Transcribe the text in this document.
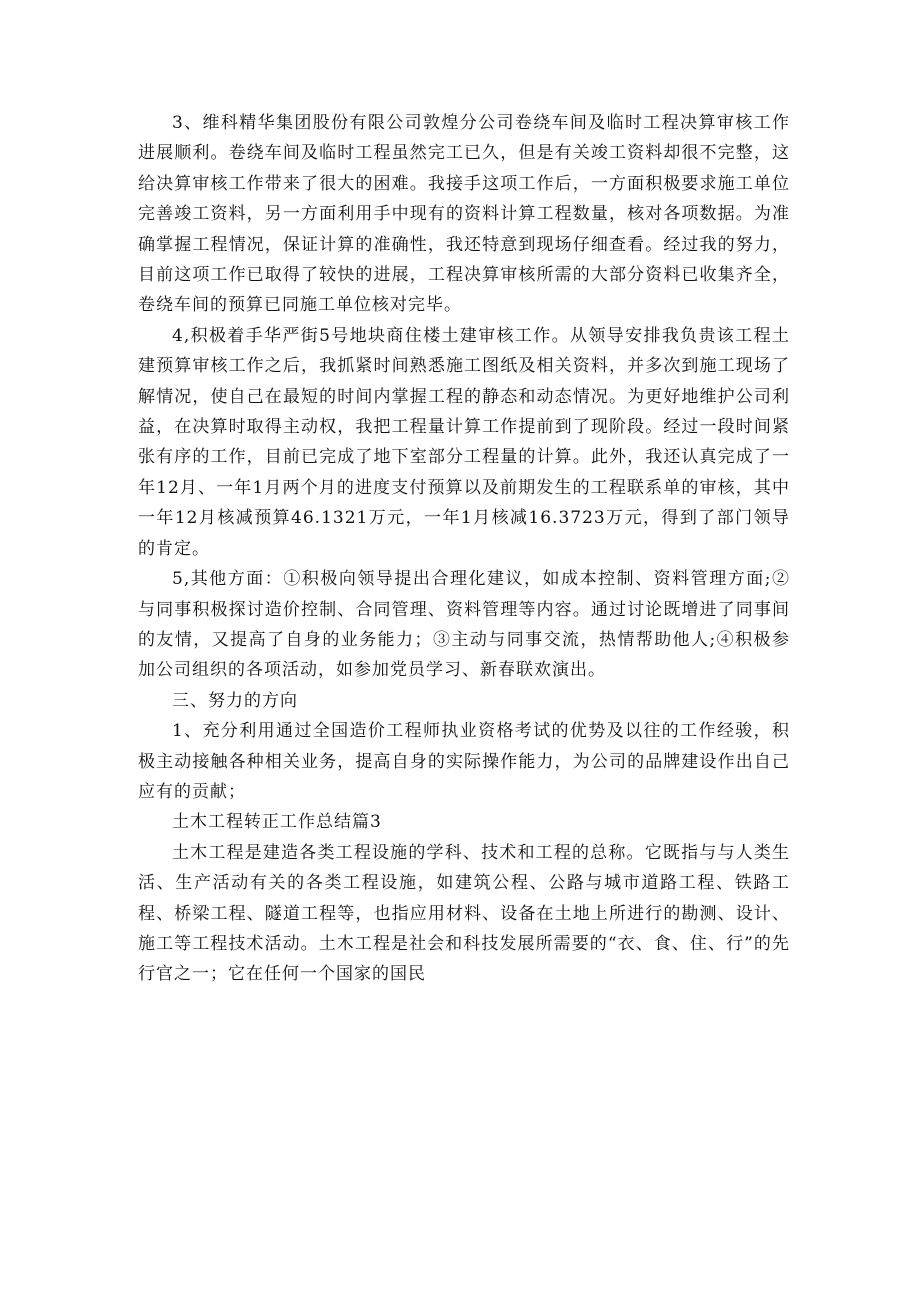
3、维科精华集团股份有限公司敦煌分公司卷绕车间及临时工程决算审核工作进展顺利。卷绕车间及临时工程虽然完工已久，但是有关竣工资料却很不完整，这给决算审核工作带来了很大的困难。我接手这项工作后，一方面积极要求施工单位完善竣工资料，另一方面利用手中现有的资料计算工程数量，核对各项数据。为准确掌握工程情况，保证计算的准确性，我还特意到现场仔细查看。经过我的努力，目前这项工作已取得了较快的进展，工程决算审核所需的大部分资料已收集齐全，卷绕车间的预算已同施工单位核对完毕。

4,积极着手华严街5号地块商住楼土建审核工作。从领导安排我负贵该工程土建预算审核工作之后，我抓紧时间熟悉施工图纸及相关资料，并多次到施工现场了解情况，使自己在最短的时间内掌握工程的静态和动态情况。为更好地维护公司利益，在决算时取得主动权，我把工程量计算工作提前到了现阶段。经过一段时间紧张有序的工作，目前已完成了地下室部分工程量的计算。此外，我还认真完成了一年12月、一年1月两个月的进度支付预算以及前期发生的工程联系单的审核，其中一年12月核减预算46.1321万元，一年1月核减16.3723万元，得到了部门领导的肯定。

5,其他方面：①积极向领导提出合理化建议，如成本控制、资料管理方面;②与同事积极探讨造价控制、合同管理、资料管理等内容。通过讨论既增进了同事间的友情，又提高了自身的业务能力；③主动与同事交流，热情帮助他人;④积极参加公司组织的各项活动，如参加党员学习、新春联欢演出。

三、努力的方向

1、充分利用通过全国造价工程师执业资格考试的优势及以往的工作经骏，积极主动接触各种相关业务，提高自身的实际操作能力，为公司的品牌建设作出自己应有的贡献；

土木工程转正工作总结篇3

土木工程是建造各类工程设施的学科、技术和工程的总称。它既指与与人类生活、生产活动有关的各类工程设施，如建筑公程、公路与城市道路工程、铁路工程、桥梁工程、隧道工程等，也指应用材料、设备在土地上所进行的勘测、设计、施工等工程技术活动。土木工程是社会和科技发展所需要的“衣、食、住、行”的先行官之一；它在任何一个国家的国民
